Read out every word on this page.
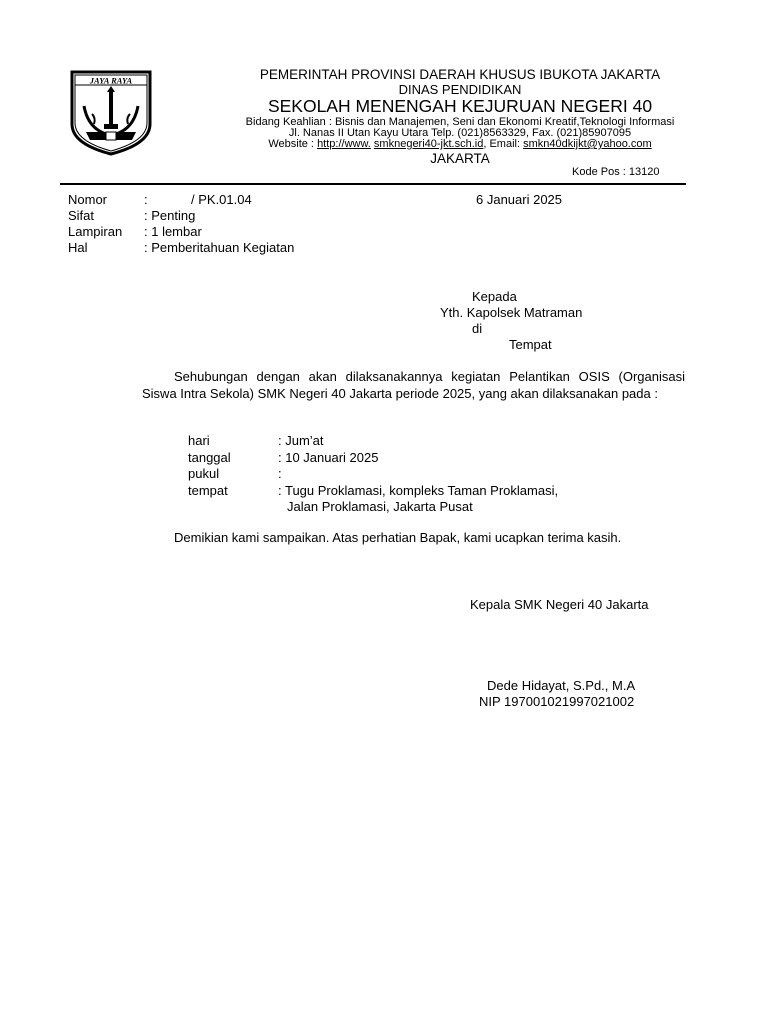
JAYA RAYA	PEMERINTAH PROVINSI DAERAH KHUSUS IBUKOTA JAKARTA
DINAS PENDIDIKAN
SEKOLAH MENENGAH KEJURUAN NEGERI 40
Bidang Keahlian : Bisnis dan Manajemen, Seni dan Ekonomi Kreatif,Teknologi Informasi
Jl. Nanas II Utan Kayu Utara Telp. (021)8563329, Fax. (021)85907095
Website : http://www. smknegeri40-jkt.sch.id, Email: smkn40dkijkt@yahoo.com
JAKARTA
Kode Pos : 13120
Nomor	:	/ PK.01.04	6 Januari 2025
Sifat	: Penting
Lampiran : 1 lembar
Hal	: Pemberitahuan Kegiatan
Kepada
Yth. Kapolsek Matraman
di
Tempat
Sehubungan dengan akan dilaksanakannya kegiatan Pelantikan OSIS (Organisasi Siswa Intra Sekola) SMK Negeri 40 Jakarta periode 2025, yang akan dilaksanakan pada :
hari	: Jum’at
tanggal	: 10 Januari 2025
pukul	:
tempat	: Tugu Proklamasi, kompleks Taman Proklamasi,
Jalan Proklamasi, Jakarta Pusat
Demikian kami sampaikan. Atas perhatian Bapak, kami ucapkan terima kasih.
Kepala SMK Negeri 40 Jakarta
Dede Hidayat, S.Pd., M.A
NIP 197001021997021002
